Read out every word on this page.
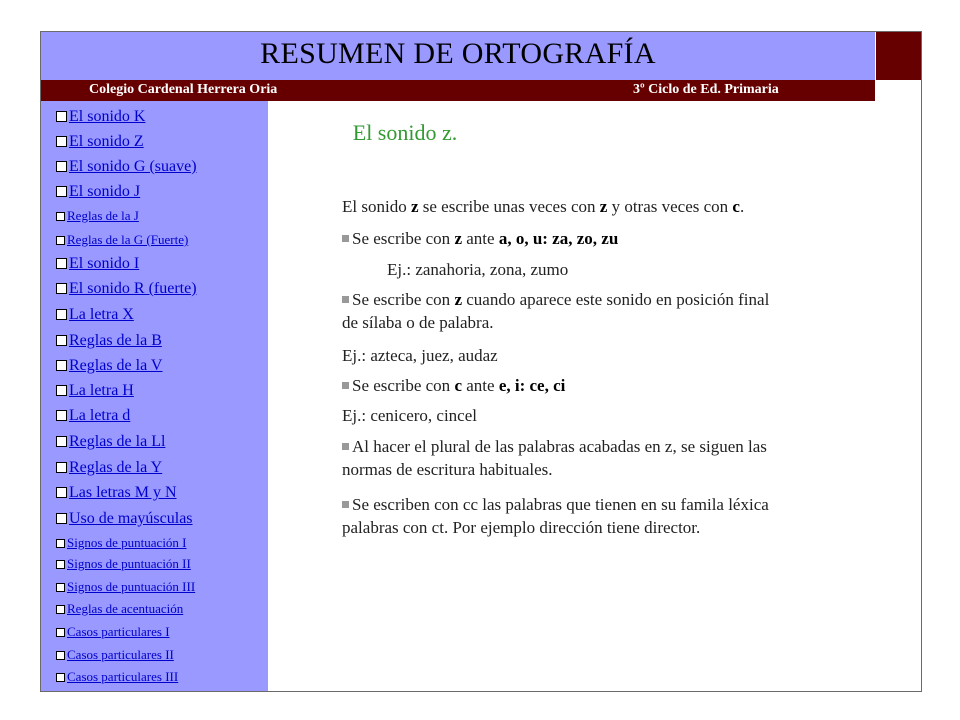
RESUMEN DE ORTOGRAFÍA
Colegio Cardenal Herrera Oria	3º Ciclo de Ed. Primaria
El sonido K
El sonido Z
El sonido G (suave)
El sonido J
Reglas de la J
Reglas de la G (Fuerte)
El sonido I
El sonido R (fuerte)
La letra X
Reglas de la B
Reglas de la V
La letra H
La letra d
Reglas de la Ll
Reglas de la Y
Las letras M y N
Uso de mayúsculas
Signos de puntuación I
Signos de puntuación II
Signos de puntuación III
Reglas de acentuación
Casos particulares I
Casos particulares II
Casos particulares III
El sonido z.
El sonido z se escribe unas veces con z y otras veces con c.
Se escribe con z ante a, o, u: za, zo, zu
Ej.: zanahoria, zona, zumo
Se escribe con z cuando aparece este sonido en posición final
de sílaba o de palabra.
Ej.: azteca, juez, audaz
Se escribe con c ante e, i: ce, ci
Ej.: cenicero, cincel
Al hacer el plural de las palabras acabadas en z, se siguen las
normas de escritura habituales.
Se escriben con cc las palabras que tienen en su famila léxica
palabras con ct. Por ejemplo dirección tiene director.
